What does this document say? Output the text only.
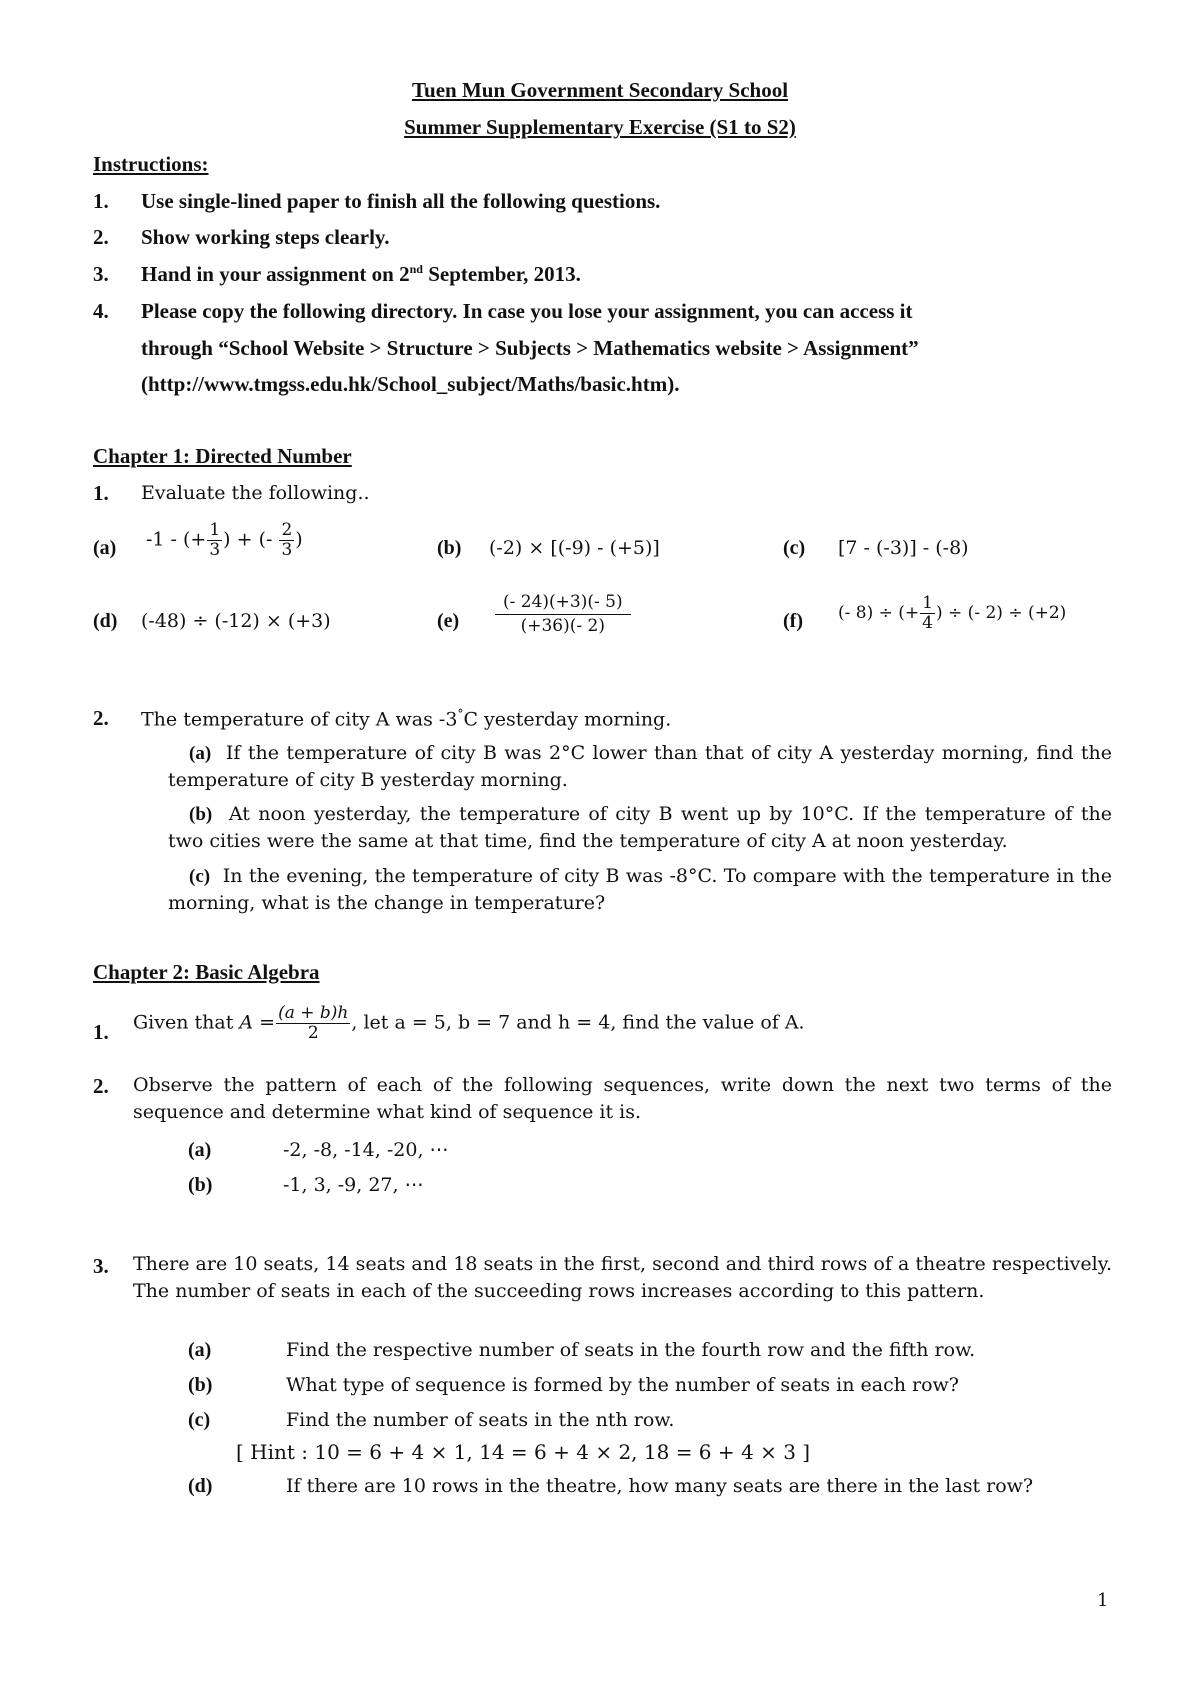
Tuen Mun Government Secondary School
Summer Supplementary Exercise (S1 to S2)
Instructions:
1. Use single-lined paper to finish all the following questions.
2. Show working steps clearly.
3. Hand in your assignment on 2nd September, 2013.
4. Please copy the following directory. In case you lose your assignment, you can access it
through “School Website > Structure > Subjects > Mathematics website > Assignment”
(http://www.tmgss.edu.hk/School_subject/Maths/basic.htm).
Chapter 1: Directed Number
1. Evaluate the following..
(a) -1 - (+ $\frac{1}{3}$ ) + (- $\frac{2}{3}$ )	(b) (-2) × [(-9) - (+5)]	(c) [7 - (-3)] - (-8)
(d) (-48) ÷ (-12) × (+3)	$(e) \frac{(- 24)(+3)(- 5)}{(+36)(- 2)}$	(f) (- 8) ÷ (+ $\frac{1}{4}$ ) ÷ (- 2) ÷ (+2)
2. The temperature of city A was -3°C yesterday morning.
(a) If the temperature of city B was 2°C lower than that of city A yesterday morning, find the temperature of city B yesterday morning.
(b) At noon yesterday, the temperature of city B went up by 10°C. If the temperature of the two cities were the same at that time, find the temperature of city A at noon yesterday.
(c) In the evening, the temperature of city B was -8°C. To compare with the temperature in the morning, what is the change in temperature?
Chapter 2: Basic Algebra
1. Given that $A = \frac{(a + b)h}{2}$ , let a = 5, b = 7 and h = 4, find the value of A.
2. Observe the pattern of each of the following sequences, write down the next two terms of the sequence and determine what kind of sequence it is.
(a)	-2, -8, -14, -20, ⋯
(b)	-1, 3, -9, 27, ⋯
3. There are 10 seats, 14 seats and 18 seats in the first, second and third rows of a theatre respectively. The number of seats in each of the succeeding rows increases according to this pattern.
(a)	Find the respective number of seats in the fourth row and the fifth row.
(b)	What type of sequence is formed by the number of seats in each row?
(c)	Find the number of seats in the nth row.
[ Hint : 10 = 6 + 4 × 1, 14 = 6 + 4 × 2, 18 = 6 + 4 × 3 ]
(d)	If there are 10 rows in the theatre, how many seats are there in the last row?
1
